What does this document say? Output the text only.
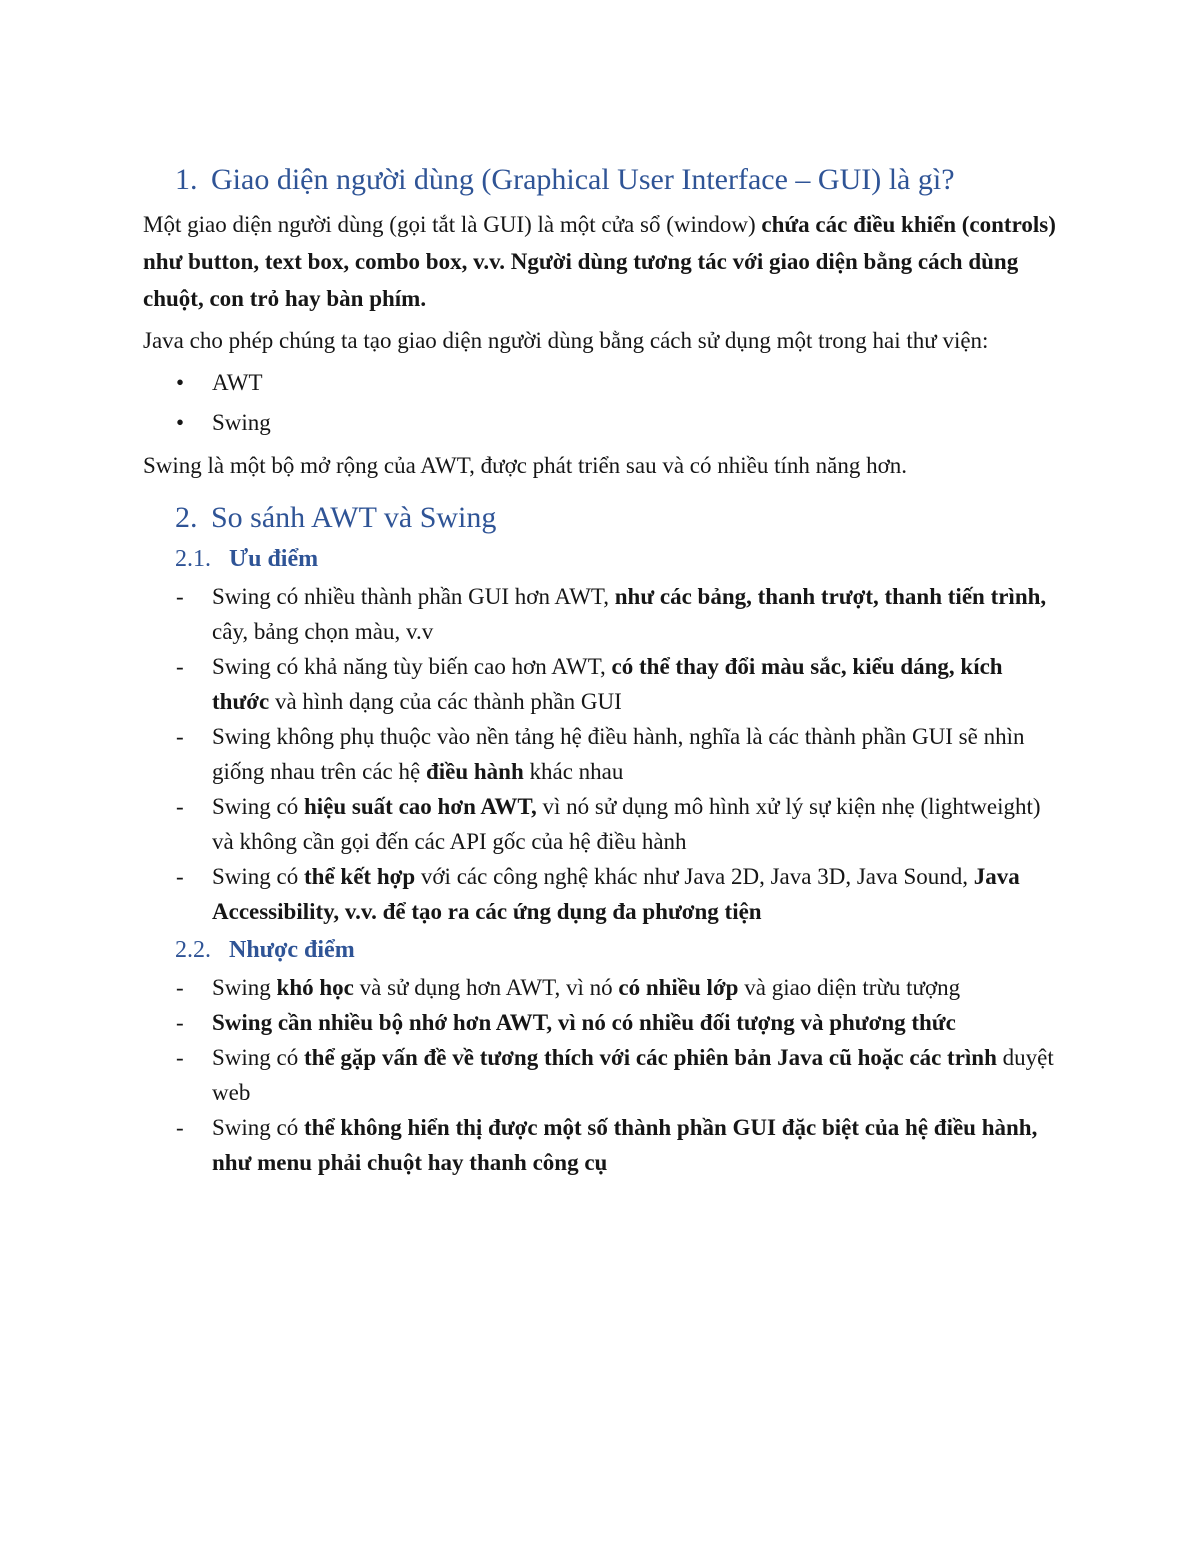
1. Giao diện người dùng (Graphical User Interface – GUI) là gì?
Một giao diện người dùng (gọi tắt là GUI) là một cửa sổ (window) chứa các điều khiển (controls) như button, text box, combo box, v.v. Người dùng tương tác với giao diện bằng cách dùng chuột, con trỏ hay bàn phím.
Java cho phép chúng ta tạo giao diện người dùng bằng cách sử dụng một trong hai thư viện:
•	AWT
•	Swing
Swing là một bộ mở rộng của AWT, được phát triển sau và có nhiều tính năng hơn.
2. So sánh AWT và Swing
2.1. Ưu điểm
-	Swing có nhiều thành phần GUI hơn AWT, như các bảng, thanh trượt, thanh tiến trình, cây, bảng chọn màu, v.v
-	Swing có khả năng tùy biến cao hơn AWT, có thể thay đổi màu sắc, kiểu dáng, kích thước và hình dạng của các thành phần GUI
-	Swing không phụ thuộc vào nền tảng hệ điều hành, nghĩa là các thành phần GUI sẽ nhìn giống nhau trên các hệ điều hành khác nhau
-	Swing có hiệu suất cao hơn AWT, vì nó sử dụng mô hình xử lý sự kiện nhẹ (lightweight) và không cần gọi đến các API gốc của hệ điều hành
-	Swing có thể kết hợp với các công nghệ khác như Java 2D, Java 3D, Java Sound, Java Accessibility, v.v. để tạo ra các ứng dụng đa phương tiện
2.2. Nhược điểm
-	Swing khó học và sử dụng hơn AWT, vì nó có nhiều lớp và giao diện trừu tượng
-	Swing cần nhiều bộ nhớ hơn AWT, vì nó có nhiều đối tượng và phương thức
-	Swing có thể gặp vấn đề về tương thích với các phiên bản Java cũ hoặc các trình duyệt web
-	Swing có thể không hiển thị được một số thành phần GUI đặc biệt của hệ điều hành, như menu phải chuột hay thanh công cụ
